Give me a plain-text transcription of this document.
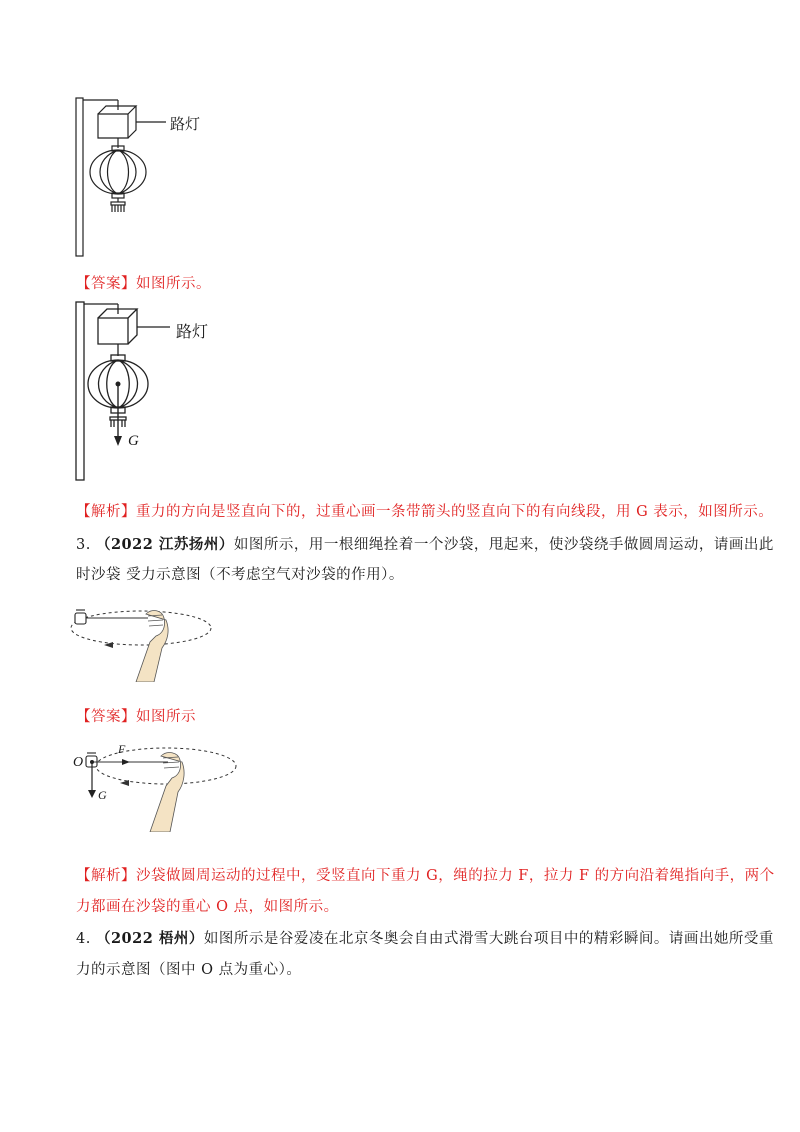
路灯
【答案】如图所示。
路灯
G
【解析】重力的方向是竖直向下的，过重心画一条带箭头的竖直向下的有向线段，用 G 表示，如图所示。
3. （2022 江苏扬州）如图所示，用一根细绳拴着一个沙袋，甩起来，使沙袋绕手做圆周运动，请画出此
时沙袋 受力示意图（不考虑空气对沙袋的作用）。
【答案】如图所示
O
F
G
【解析】沙袋做圆周运动的过程中，受竖直向下重力 G，绳的拉力 F，拉力 F 的方向沿着绳指向手，两个
力都画在沙袋的重心 O 点，如图所示。
4. （2022 梧州）如图所示是谷爱凌在北京冬奥会自由式滑雪大跳台项目中的精彩瞬间。请画出她所受重
力的示意图（图中 O 点为重心）。
